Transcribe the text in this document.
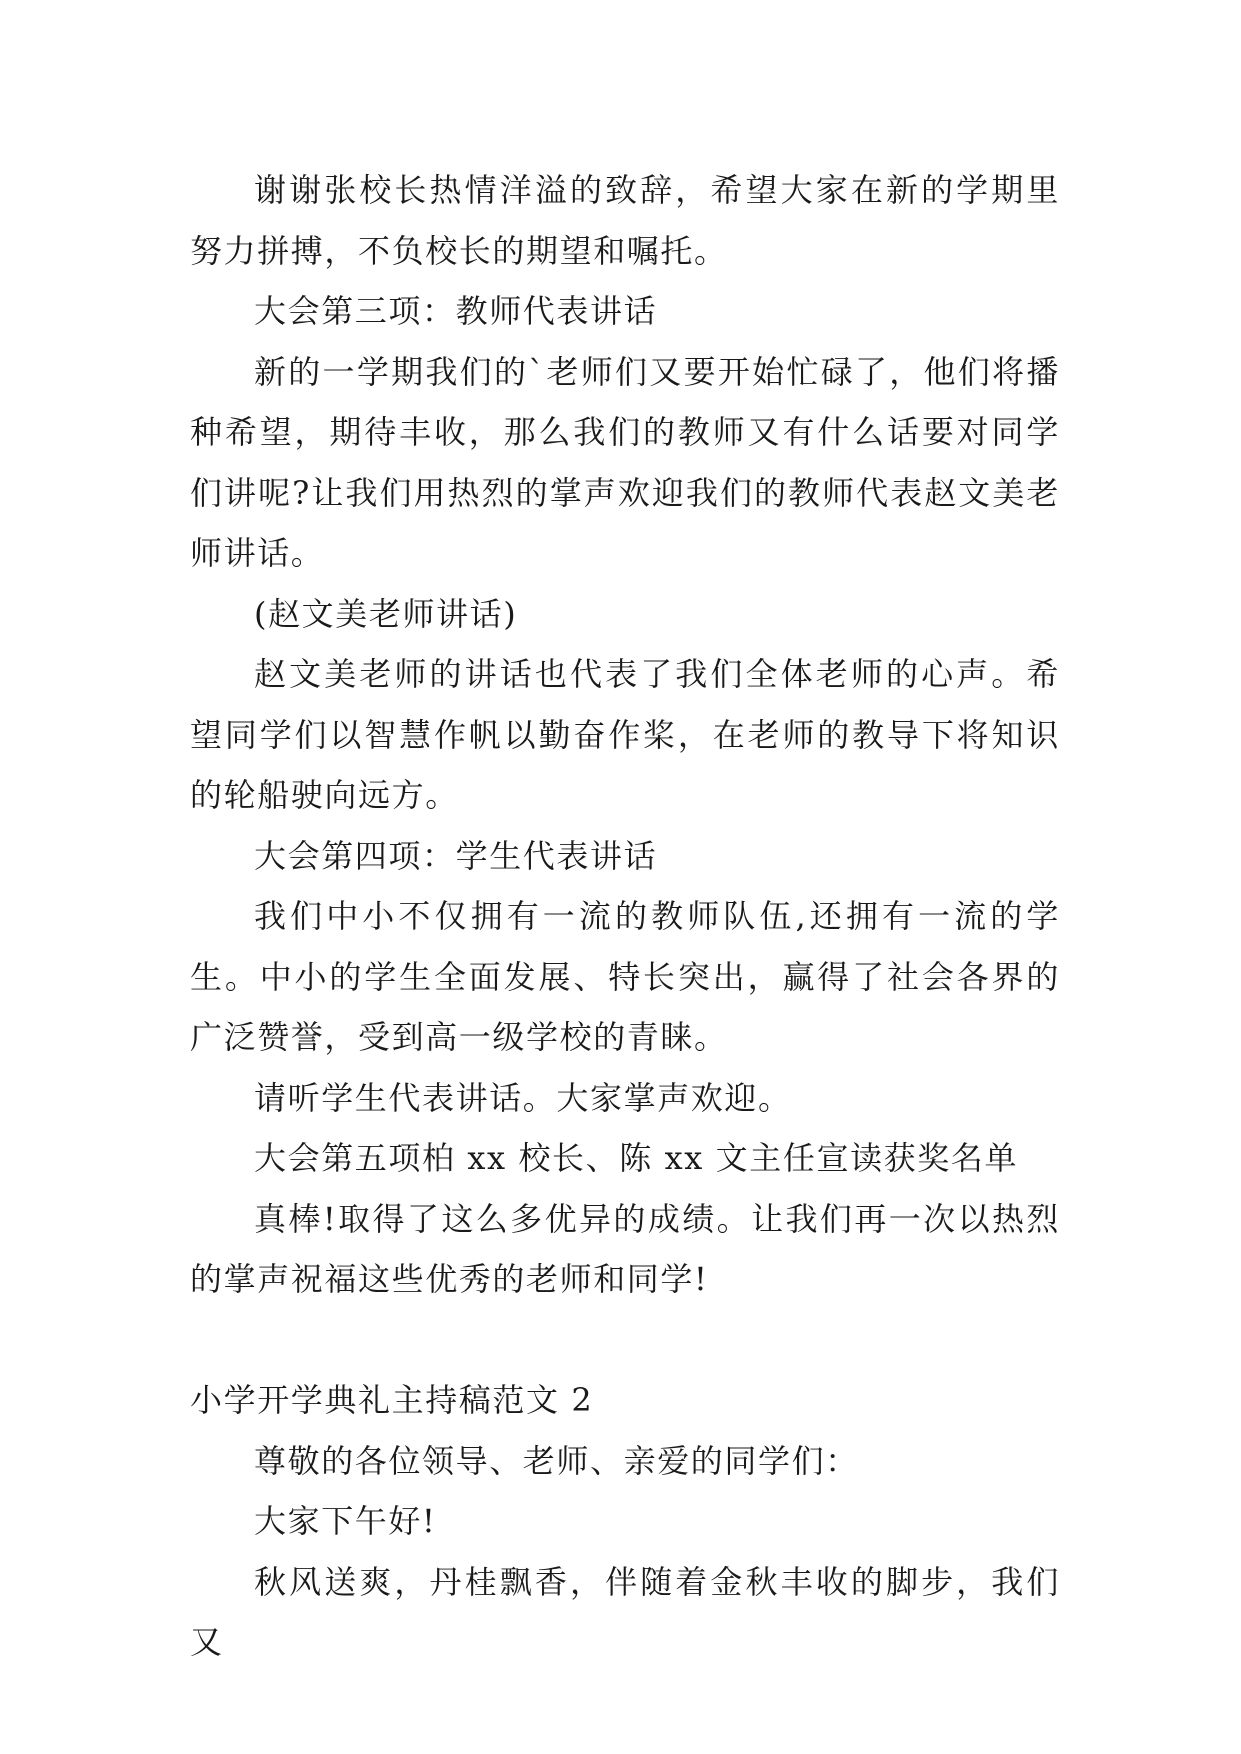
谢谢张校长热情洋溢的致辞，希望大家在新的学期里努力拼搏，不负校长的期望和嘱托。

大会第三项：教师代表讲话

新的一学期我们的`老师们又要开始忙碌了，他们将播种希望，期待丰收，那么我们的教师又有什么话要对同学们讲呢?让我们用热烈的掌声欢迎我们的教师代表赵文美老师讲话。

(赵文美老师讲话)

赵文美老师的讲话也代表了我们全体老师的心声。希望同学们以智慧作帆以勤奋作桨，在老师的教导下将知识的轮船驶向远方。

大会第四项：学生代表讲话

我们中小不仅拥有一流的教师队伍,还拥有一流的学生。中小的学生全面发展、特长突出，赢得了社会各界的广泛赞誉，受到高一级学校的青睐。

请听学生代表讲话。大家掌声欢迎。

大会第五项柏 xx 校长、陈 xx 文主任宣读获奖名单

真棒!取得了这么多优异的成绩。让我们再一次以热烈的掌声祝福这些优秀的老师和同学!

小学开学典礼主持稿范文 2

尊敬的各位领导、老师、亲爱的同学们：

大家下午好!

秋风送爽，丹桂飘香，伴随着金秋丰收的脚步，我们又
